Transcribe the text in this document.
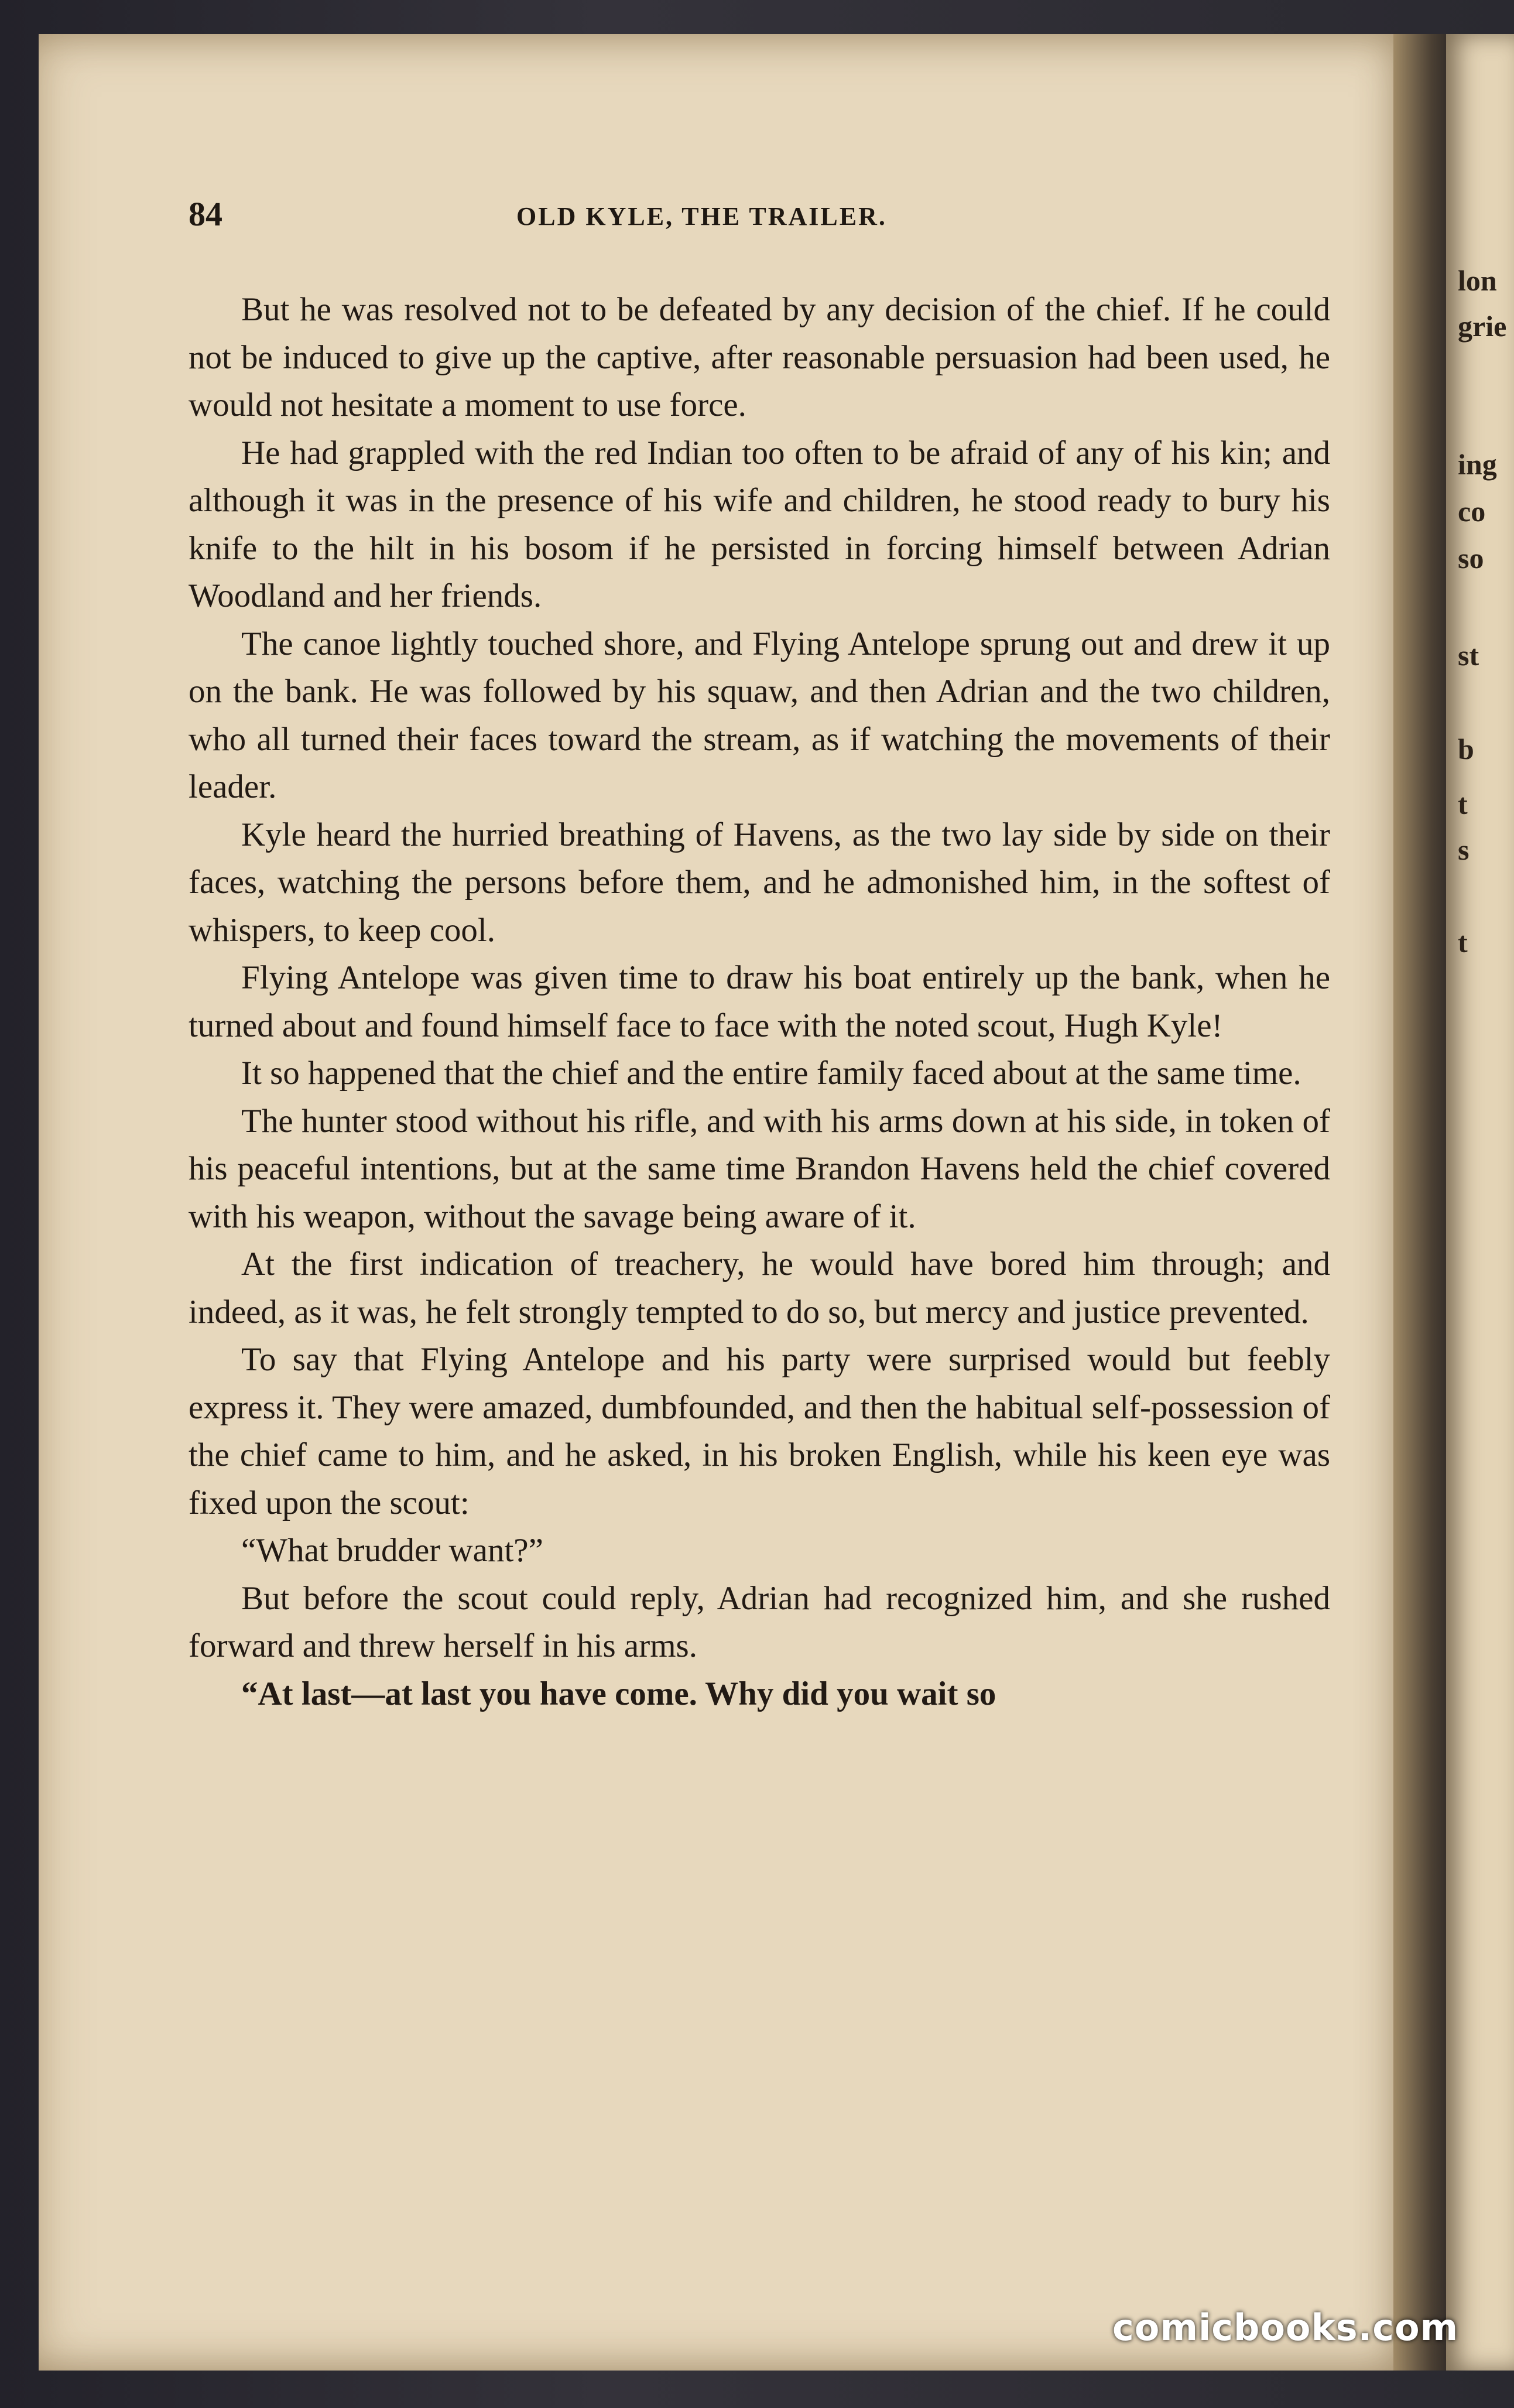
lon
grie
ing
co
so
st
b
t
s
t
84	OLD KYLE, THE TRAILER.

But he was resolved not to be defeated by any decision of the chief. If he could not be induced to give up the captive, after reasonable persuasion had been used, he would not hesitate a moment to use force.

He had grappled with the red Indian too often to be afraid of any of his kin; and although it was in the presence of his wife and children, he stood ready to bury his knife to the hilt in his bosom if he persisted in forcing himself between Adrian Woodland and her friends.

The canoe lightly touched shore, and Flying Antelope sprung out and drew it up on the bank. He was followed by his squaw, and then Adrian and the two children, who all turned their faces toward the stream, as if watching the movements of their leader.

Kyle heard the hurried breathing of Havens, as the two lay side by side on their faces, watching the persons before them, and he admonished him, in the softest of whispers, to keep cool.

Flying Antelope was given time to draw his boat entirely up the bank, when he turned about and found himself face to face with the noted scout, Hugh Kyle!

It so happened that the chief and the entire family faced about at the same time.

The hunter stood without his rifle, and with his arms down at his side, in token of his peaceful intentions, but at the same time Brandon Havens held the chief covered with his weapon, without the savage being aware of it.

At the first indication of treachery, he would have bored him through; and indeed, as it was, he felt strongly tempted to do so, but mercy and justice prevented.

To say that Flying Antelope and his party were surprised would but feebly express it. They were amazed, dumbfounded, and then the habitual self-possession of the chief came to him, and he asked, in his broken English, while his keen eye was fixed upon the scout:

“What brudder want?”

But before the scout could reply, Adrian had recognized him, and she rushed forward and threw herself in his arms.

“At last—at last you have come. Why did you wait so

comicbooks.com
